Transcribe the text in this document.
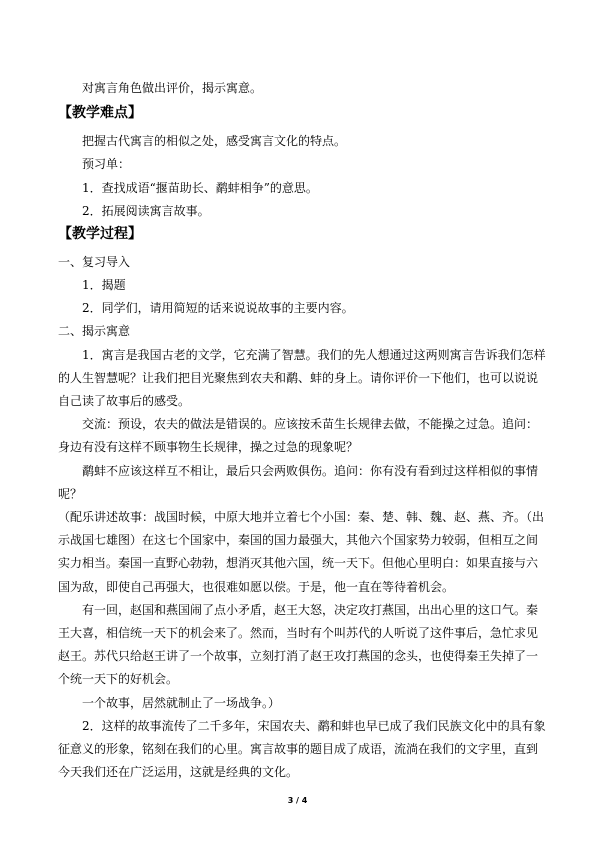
对寓言角色做出评价，揭示寓意。
【教学难点】
把握古代寓言的相似之处，感受寓言文化的特点。
预习单：
1．查找成语“揠苗助长、鹬蚌相争”的意思。
2．拓展阅读寓言故事。
【教学过程】
一、复习导入
1．揭题
2．同学们，请用简短的话来说说故事的主要内容。
二、揭示寓意
1．寓言是我国古老的文学，它充满了智慧。我们的先人想通过这两则寓言告诉我们怎样
的人生智慧呢？让我们把目光聚焦到农夫和鹬、蚌的身上。请你评价一下他们，也可以说说
自己读了故事后的感受。
交流：预设，农夫的做法是错误的。应该按禾苗生长规律去做，不能操之过急。追问：
身边有没有这样不顾事物生长规律，操之过急的现象呢？
鹬蚌不应该这样互不相让，最后只会两败俱伤。追问：你有没有看到过这样相似的事情
呢？
（配乐讲述故事：战国时候，中原大地并立着七个小国：秦、楚、韩、魏、赵、燕、齐。（出
示战国七雄图）在这七个国家中，秦国的国力最强大，其他六个国家势力较弱，但相互之间
实力相当。秦国一直野心勃勃，想消灭其他六国，统一天下。但他心里明白：如果直接与六
国为敌，即使自己再强大，也很难如愿以偿。于是，他一直在等待着机会。
有一回，赵国和燕国闹了点小矛盾，赵王大怒，决定攻打燕国，出出心里的这口气。秦
王大喜，相信统一天下的机会来了。然而，当时有个叫苏代的人听说了这件事后，急忙求见
赵王。苏代只给赵王讲了一个故事，立刻打消了赵王攻打燕国的念头，也使得秦王失掉了一
个统一天下的好机会。
一个故事，居然就制止了一场战争。）
2．这样的故事流传了二千多年，宋国农夫、鹬和蚌也早已成了我们民族文化中的具有象
征意义的形象，铭刻在我们的心里。寓言故事的题目成了成语，流淌在我们的文字里，直到
今天我们还在广泛运用，这就是经典的文化。
3 / 4
